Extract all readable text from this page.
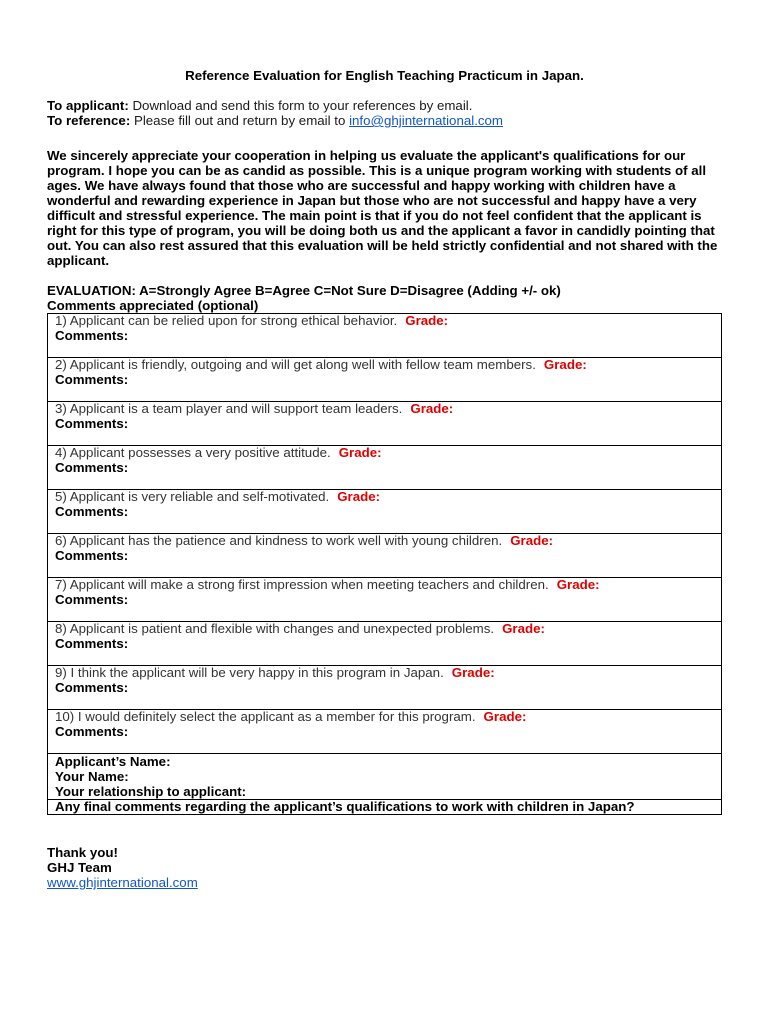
Reference Evaluation for English Teaching Practicum in Japan.
To applicant: Download and send this form to your references by email.
To reference: Please fill out and return by email to info@ghjinternational.com
We sincerely appreciate your cooperation in helping us evaluate the applicant's qualifications for our program. I hope you can be as candid as possible. This is a unique program working with students of all ages. We have always found that those who are successful and happy working with children have a wonderful and rewarding experience in Japan but those who are not successful and happy have a very difficult and stressful experience. The main point is that if you do not feel confident that the applicant is right for this type of program, you will be doing both us and the applicant a favor in candidly pointing that out. You can also rest assured that this evaluation will be held strictly confidential and not shared with the applicant.
EVALUATION: A=Strongly Agree B=Agree C=Not Sure D=Disagree (Adding +/- ok)
Comments appreciated (optional)
1) Applicant can be relied upon for strong ethical behavior. Grade:
Comments:

2) Applicant is friendly, outgoing and will get along well with fellow team members. Grade:
Comments:

3) Applicant is a team player and will support team leaders. Grade:
Comments:

4) Applicant possesses a very positive attitude. Grade:
Comments:

5) Applicant is very reliable and self-motivated. Grade:
Comments:

6) Applicant has the patience and kindness to work well with young children. Grade:
Comments:

7) Applicant will make a strong first impression when meeting teachers and children. Grade:
Comments:

8) Applicant is patient and flexible with changes and unexpected problems. Grade:
Comments:

9) I think the applicant will be very happy in this program in Japan. Grade:
Comments:

10) I would definitely select the applicant as a member for this program. Grade:
Comments:

Applicant’s Name:
Your Name:
Your relationship to applicant:

Any final comments regarding the applicant’s qualifications to work with children in Japan?
Thank you!
GHJ Team
www.ghjinternational.com
